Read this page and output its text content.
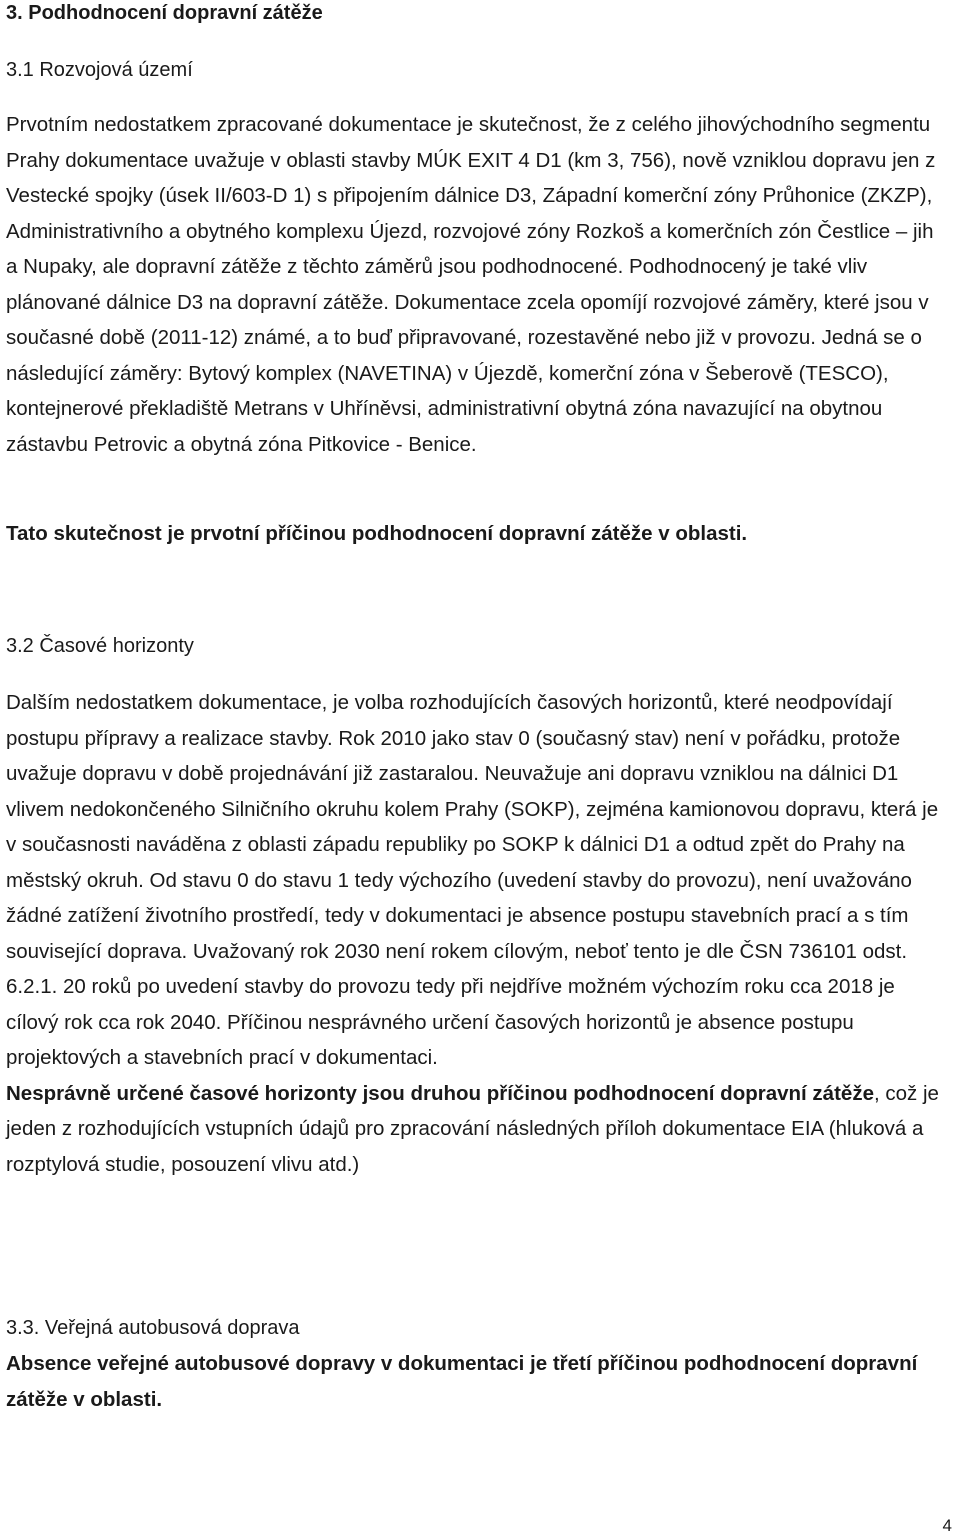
3. Podhodnocení dopravní zátěže
3.1 Rozvojová území

Prvotním nedostatkem zpracované dokumentace je skutečnost, že z celého jihovýchodního segmentu Prahy dokumentace uvažuje v oblasti stavby MÚK EXIT 4 D1 (km 3, 756), nově vzniklou dopravu jen z Vestecké spojky (úsek II/603-D 1) s připojením dálnice D3, Západní komerční zóny Průhonice (ZKZP), Administrativního a obytného komplexu Újezd, rozvojové zóny Rozkoš a komerčních zón Čestlice – jih a Nupaky, ale dopravní zátěže z těchto záměrů jsou podhodnocené. Podhodnocený je také vliv plánované dálnice D3 na dopravní zátěže. Dokumentace zcela opomíjí rozvojové záměry, které jsou v současné době (2011-12) známé, a to buď připravované, rozestavěné nebo již v provozu. Jedná se o následující záměry: Bytový komplex (NAVETINA) v Újezdě, komerční zóna v Šeberově (TESCO), kontejnerové překladiště Metrans v Uhříněvsi, administrativní obytná zóna navazující na obytnou zástavbu Petrovic a obytná zóna Pitkovice - Benice.

Tato skutečnost je prvotní příčinou podhodnocení dopravní zátěže v oblasti.
3.2 Časové horizonty

Dalším nedostatkem dokumentace, je volba rozhodujících časových horizontů, které neodpovídají postupu přípravy a realizace stavby. Rok 2010 jako stav 0 (současný stav) není v pořádku, protože uvažuje dopravu v době projednávání již zastaralou. Neuvažuje ani dopravu vzniklou na dálnici D1 vlivem nedokončeného Silničního okruhu kolem Prahy (SOKP), zejména kamionovou dopravu, která je v současnosti naváděna z oblasti západu republiky po SOKP k dálnici D1 a odtud zpět do Prahy na městský okruh. Od stavu 0 do stavu 1 tedy výchozího (uvedení stavby do provozu), není uvažováno žádné zatížení životního prostředí, tedy v dokumentaci je absence postupu stavebních prací a s tím související doprava. Uvažovaný rok 2030 není rokem cílovým, neboť tento je dle ČSN 736101 odst. 6.2.1. 20 roků po uvedení stavby do provozu tedy při nejdříve možném výchozím roku cca 2018 je cílový rok cca rok 2040. Příčinou nesprávného určení časových horizontů je absence postupu projektových a stavebních prací v dokumentaci.

Nesprávně určené časové horizonty jsou druhou příčinou podhodnocení dopravní zátěže, což je jeden z rozhodujících vstupních údajů pro zpracování následných příloh dokumentace EIA (hluková a rozptylová studie, posouzení vlivu atd.)

3.3. Veřejná autobusová doprava
Absence veřejné autobusové dopravy v dokumentaci je třetí příčinou podhodnocení dopravní zátěže v oblasti.
4
